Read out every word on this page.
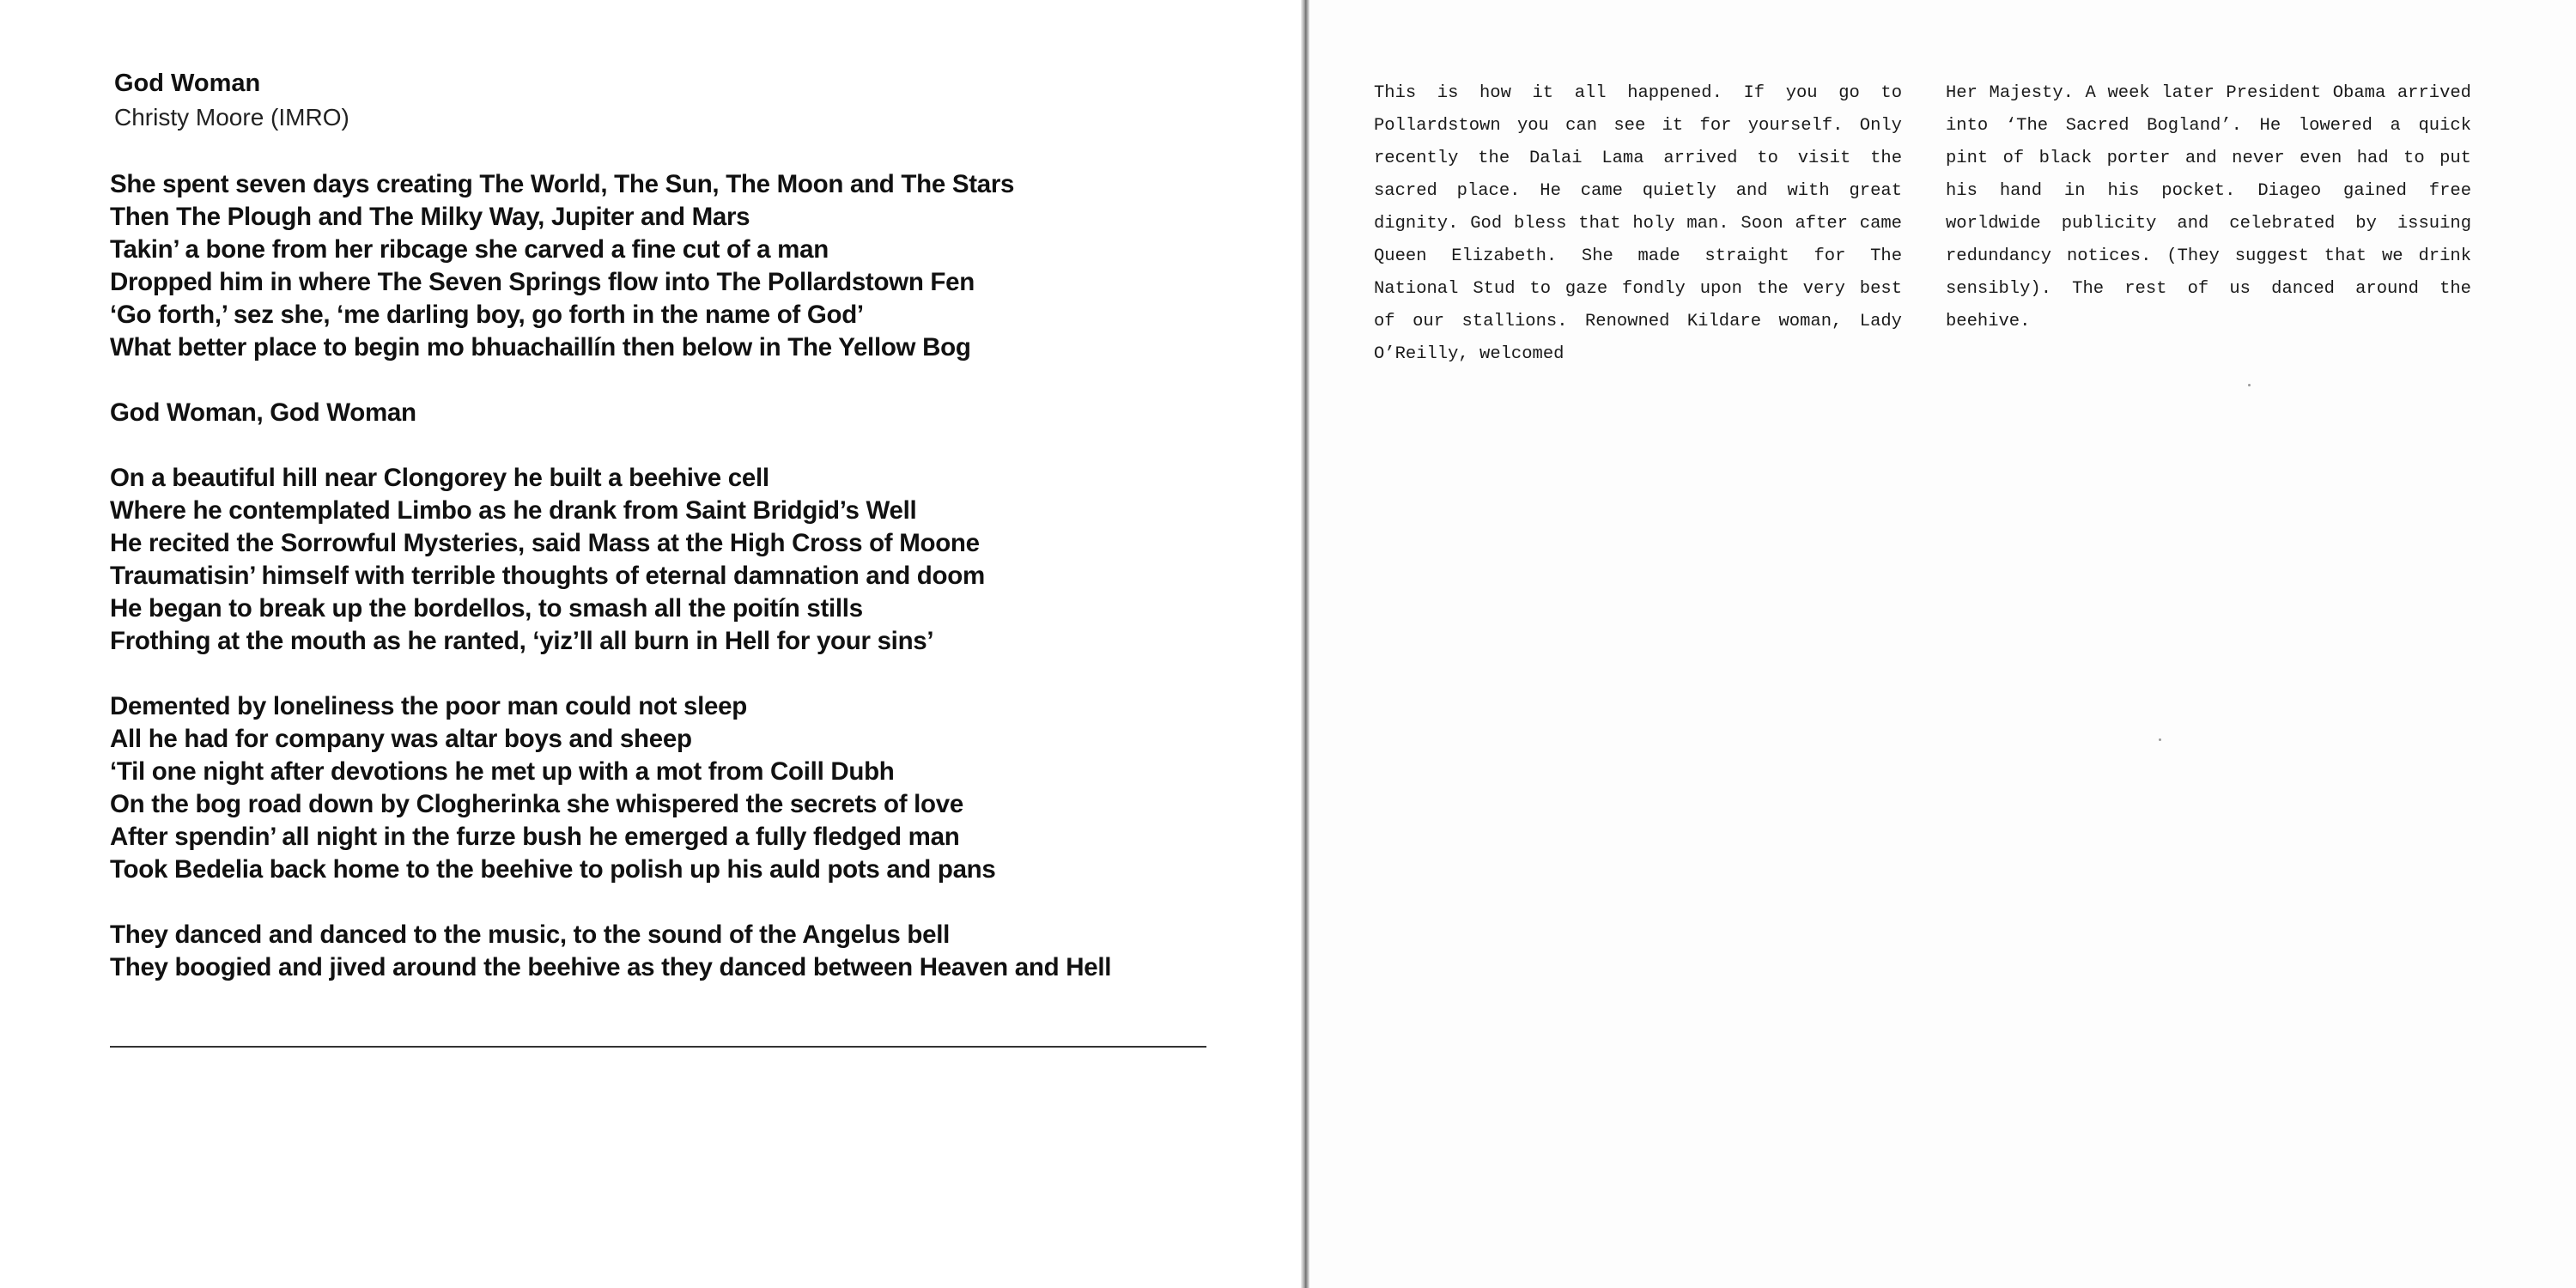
God Woman

Christy Moore (IMRO)

She spent seven days creating The World, The Sun, The Moon and The Stars
Then The Plough and The Milky Way, Jupiter and Mars
Takin’ a bone from her ribcage she carved a fine cut of a man
Dropped him in where The Seven Springs flow into The Pollardstown Fen
‘Go forth,’ sez she, ‘me darling boy, go forth in the name of God’
What better place to begin mo bhuachaillín then below in The Yellow Bog

God Woman, God Woman

On a beautiful hill near Clongorey he built a beehive cell
Where he contemplated Limbo as he drank from Saint Bridgid’s Well
He recited the Sorrowful Mysteries, said Mass at the High Cross of Moone
Traumatisin’ himself with terrible thoughts of eternal damnation and doom
He began to break up the bordellos, to smash all the poitín stills
Frothing at the mouth as he ranted, ‘yiz’ll all burn in Hell for your sins’

Demented by loneliness the poor man could not sleep
All he had for company was altar boys and sheep
‘Til one night after devotions he met up with a mot from Coill Dubh
On the bog road down by Clogherinka she whispered the secrets of love
After spendin’ all night in the furze bush he emerged a fully fledged man
Took Bedelia back home to the beehive to polish up his auld pots and pans

They danced and danced to the music, to the sound of the Angelus bell
They boogied and jived around the beehive as they danced between Heaven and Hell

This is how it all happened. If you go to Pollardstown you can see it for yourself. Only recently the Dalai Lama arrived to visit the sacred place. He came quietly and with great dignity. God bless that holy man. Soon after came Queen Elizabeth. She made straight for The National Stud to gaze fondly upon the very best of our stallions. Renowned Kildare woman, Lady O’Reilly, welcomed

Her Majesty. A week later President Obama arrived into ‘The Sacred Bogland’. He lowered a quick pint of black porter and never even had to put his hand in his pocket. Diageo gained free worldwide publicity and celebrated by issuing redundancy notices. (They suggest that we drink sensibly). The rest of us danced around the beehive.
